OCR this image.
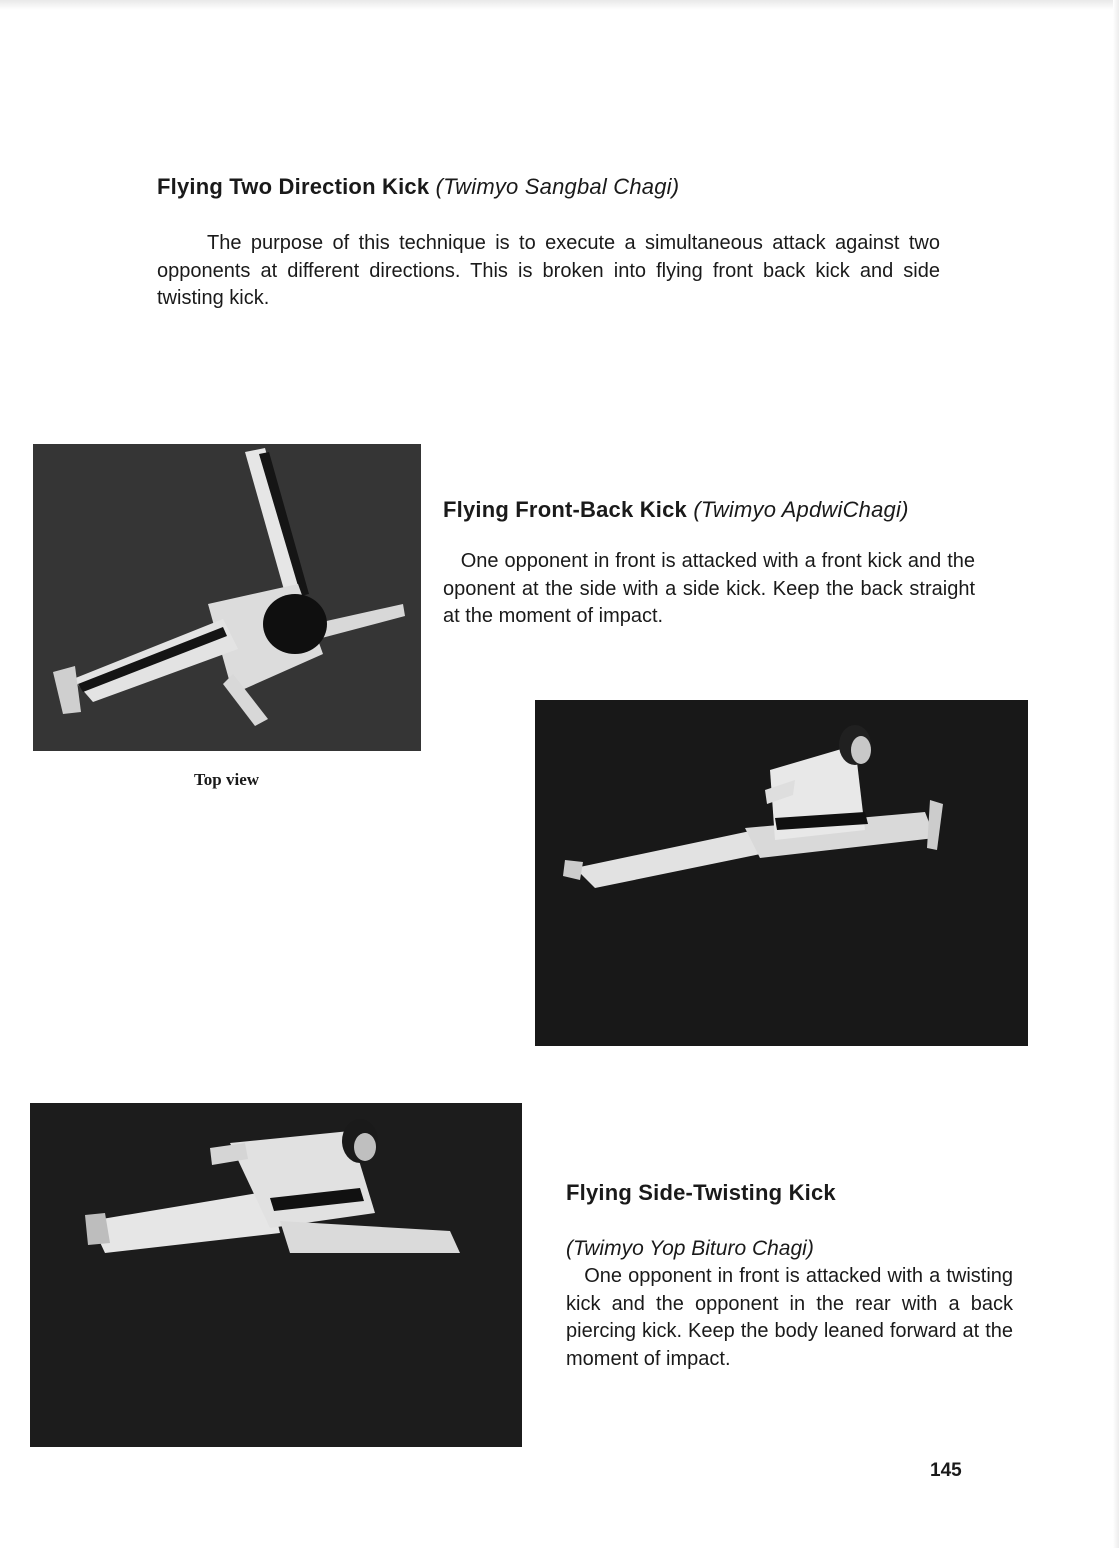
Flying Two Direction Kick (Twimyo Sangbal Chagi)

The purpose of this technique is to execute a simultaneous attack against two opponents at different directions. This is broken into flying front back kick and side twisting kick.

Top view
Flying Front-Back Kick (Twimyo ApdwiChagi)

One opponent in front is attacked with a front kick and the oponent at the side with a side kick. Keep the back straight at the moment of impact.

Flying Side-Twisting Kick
(Twimyo Yop Bituro Chagi)

One opponent in front is attacked with a twisting kick and the opponent in the rear with a back piercing kick. Keep the body leaned forward at the moment of impact.

145
